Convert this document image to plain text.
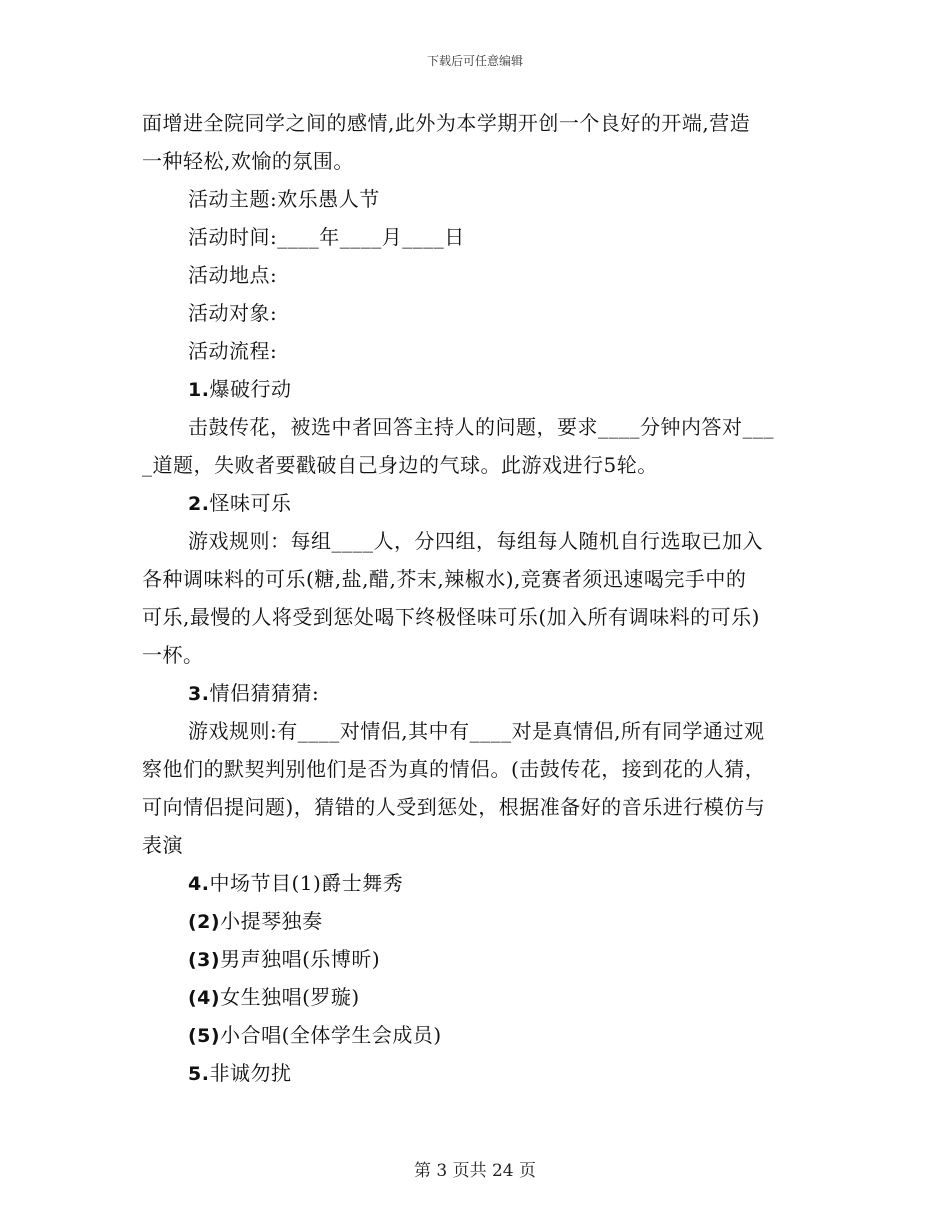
下载后可任意编辑
面增进全院同学之间的感情,此外为本学期开创一个良好的开端,营造
一种轻松,欢愉的氛围。
活动主题:欢乐愚人节
活动时间:____年____月____日
活动地点:
活动对象:
活动流程:
1.爆破行动
击鼓传花，被选中者回答主持人的问题，要求____分钟内答对___
_道题，失败者要戳破自己身边的气球。此游戏进行5轮。
2.怪味可乐
游戏规则：每组____人，分四组，每组每人随机自行选取已加入
各种调味料的可乐(糖,盐,醋,芥末,辣椒水),竞赛者须迅速喝完手中的
可乐,最慢的人将受到惩处喝下终极怪味可乐(加入所有调味料的可乐)
一杯。
3.情侣猜猜猜:
游戏规则:有____对情侣,其中有____对是真情侣,所有同学通过观
察他们的默契判别他们是否为真的情侣。(击鼓传花，接到花的人猜，
可向情侣提问题)，猜错的人受到惩处，根据准备好的音乐进行模仿与
表演
4.中场节目(1)爵士舞秀
(2)小提琴独奏
(3)男声独唱(乐博昕)
(4)女生独唱(罗璇)
(5)小合唱(全体学生会成员)
5.非诚勿扰
第 3 页共 24 页
